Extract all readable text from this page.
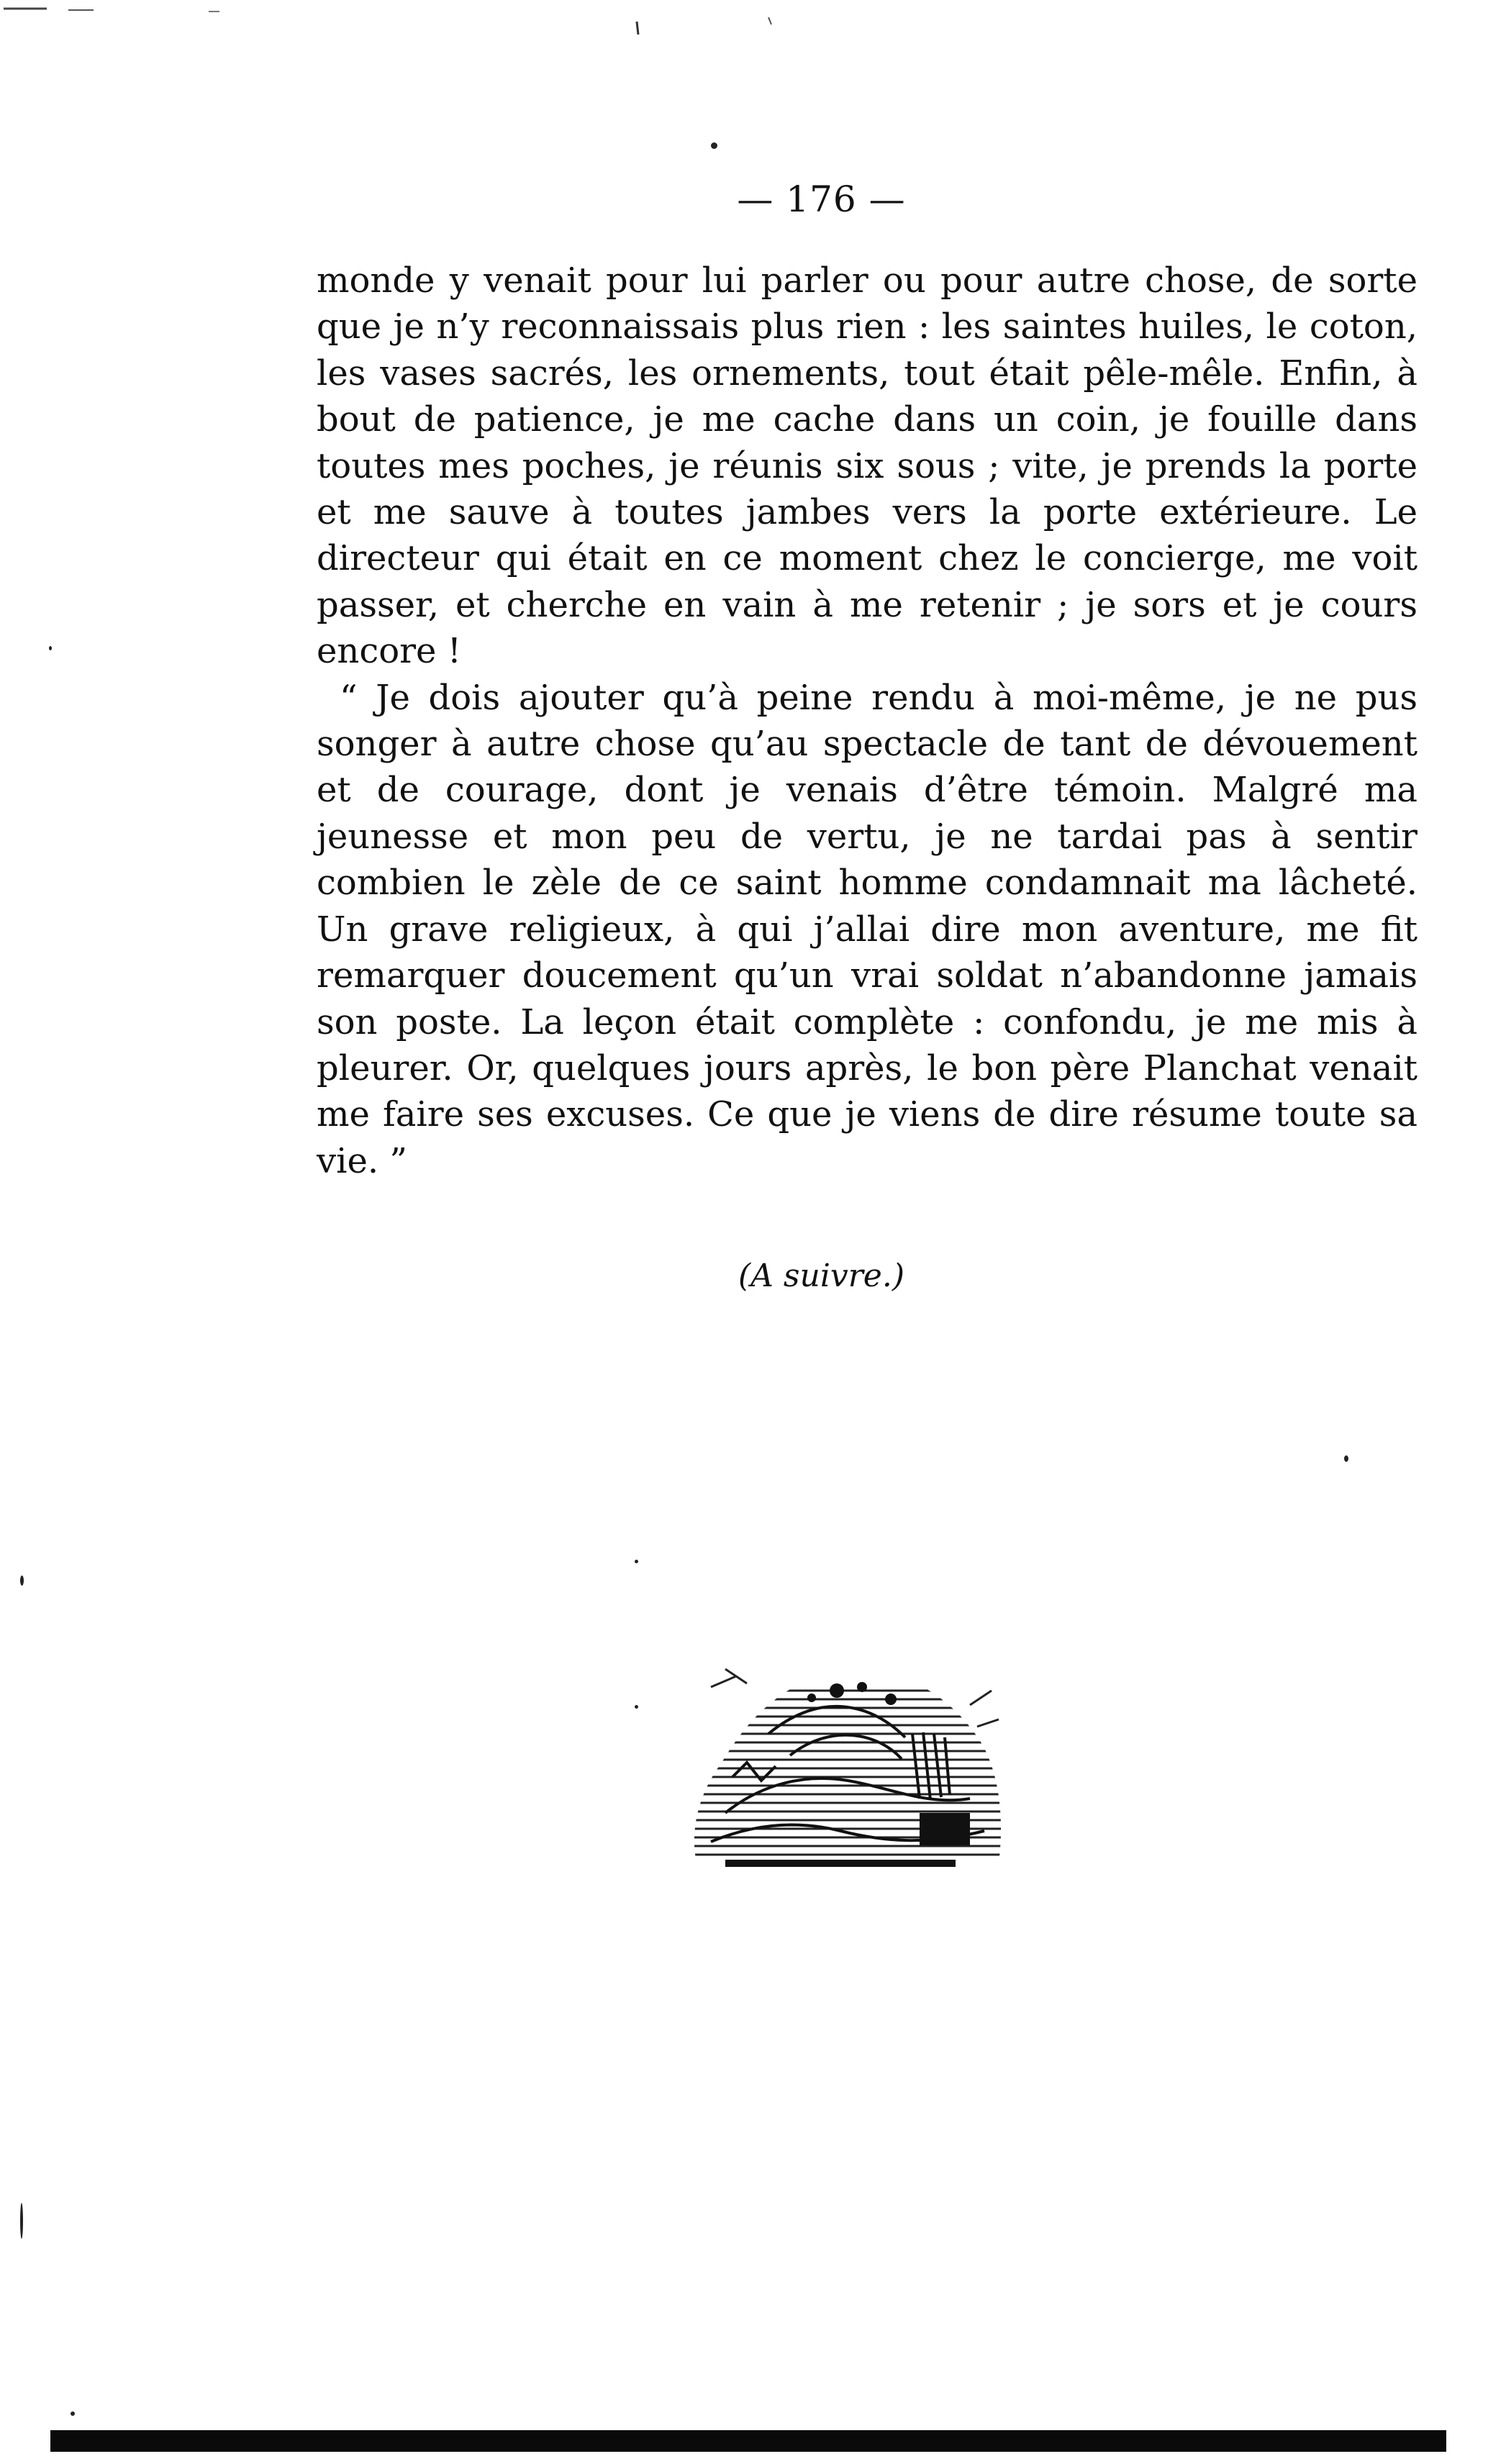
— 176 —

monde y venait pour lui parler ou pour autre chose, de sorte que je n’y reconnaissais plus rien : les saintes huiles, le coton, les vases sacrés, les ornements, tout était pêle-mêle. Enfin, à bout de patience, je me cache dans un coin, je fouille dans toutes mes poches, je réunis six sous ; vite, je prends la porte et me sauve à toutes jambes vers la porte extérieure. Le directeur qui était en ce moment chez le concierge, me voit passer, et cherche en vain à me retenir ; je sors et je cours encore !

“ Je dois ajouter qu’à peine rendu à moi-même, je ne pus songer à autre chose qu’au spectacle de tant de dévouement et de courage, dont je venais d’être témoin. Malgré ma jeunesse et mon peu de vertu, je ne tardai pas à sentir combien le zèle de ce saint homme condamnait ma lâcheté. Un grave religieux, à qui j’allai dire mon aventure, me fit remarquer doucement qu’un vrai soldat n’abandonne jamais son poste. La leçon était complète : confondu, je me mis à pleurer. Or, quelques jours après, le bon père Planchat venait me faire ses excuses. Ce que je viens de dire résume toute sa vie. ”

(A suivre.)
